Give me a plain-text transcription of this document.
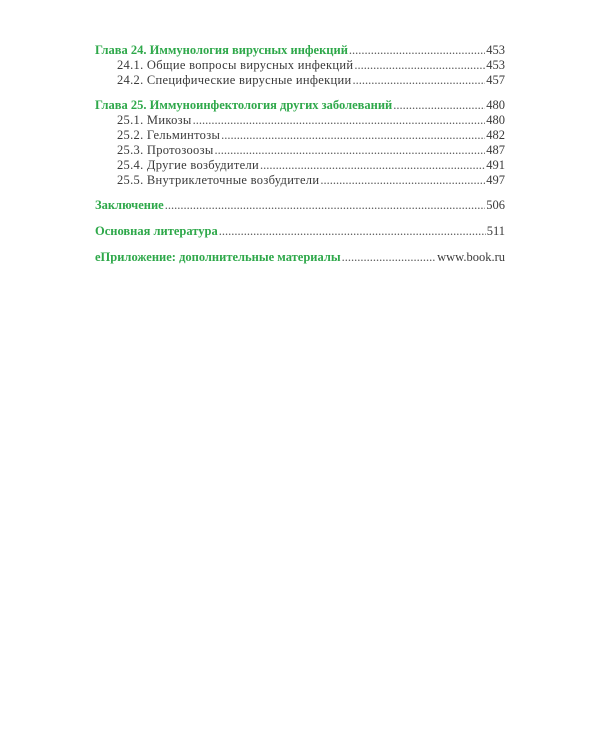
Глава 24. Иммунология вирусных инфекций .....	453
24.1. Общие вопросы вирусных инфекций .....	453
24.2. Специфические вирусные инфекции .....	457
Глава 25. Иммуноинфектология других заболеваний .....	480
25.1. Микозы .....	480
25.2. Гельминтозы .....	482
25.3. Протозоозы .....	487
25.4. Другие возбудители .....	491
25.5. Внутриклеточные возбудители .....	497
Заключение .....	506
Основная литература .....	511
еПриложение: дополнительные материалы .....	www.book.ru
